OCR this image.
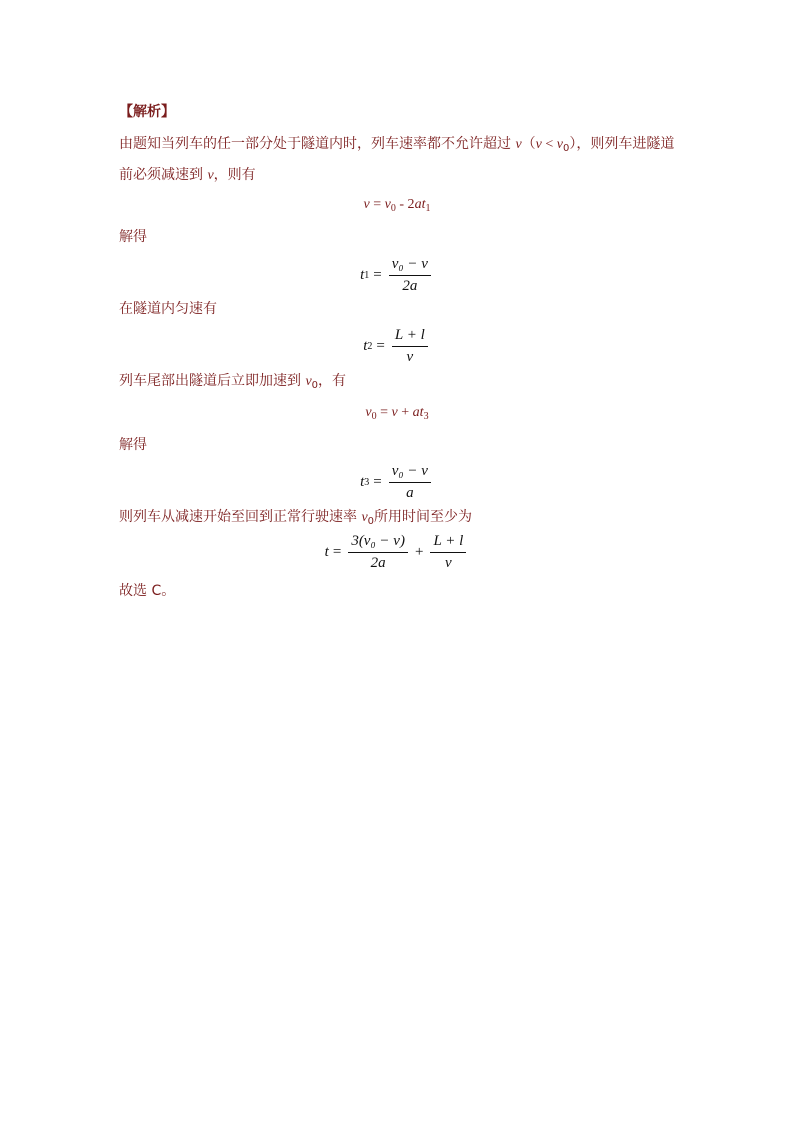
【解析】
由题知当列车的任一部分处于隧道内时，列车速率都不允许超过 $v(v < v_0)$，则列车进隧道
前必须减速到 v，则有
$v = v_0 - 2at_1$
解得
t $1 = \frac{\text{v₀ − v}}{2a}$
在隧道内匀速有
t $2 = \frac{L + l}{v}$
列车尾部出隧道后立即加速到 $v_0$，有
$v_0 = v + at_3$
解得
t $3 = \frac{\text{v₀ − v}}{a}$
则列车从减速开始至回到正常行驶速率 $v_0$所用时间至少为
$t = \frac{\text{3(v₀ − v)}}{2a} + \frac{L + l}{v}$
故选 C。
